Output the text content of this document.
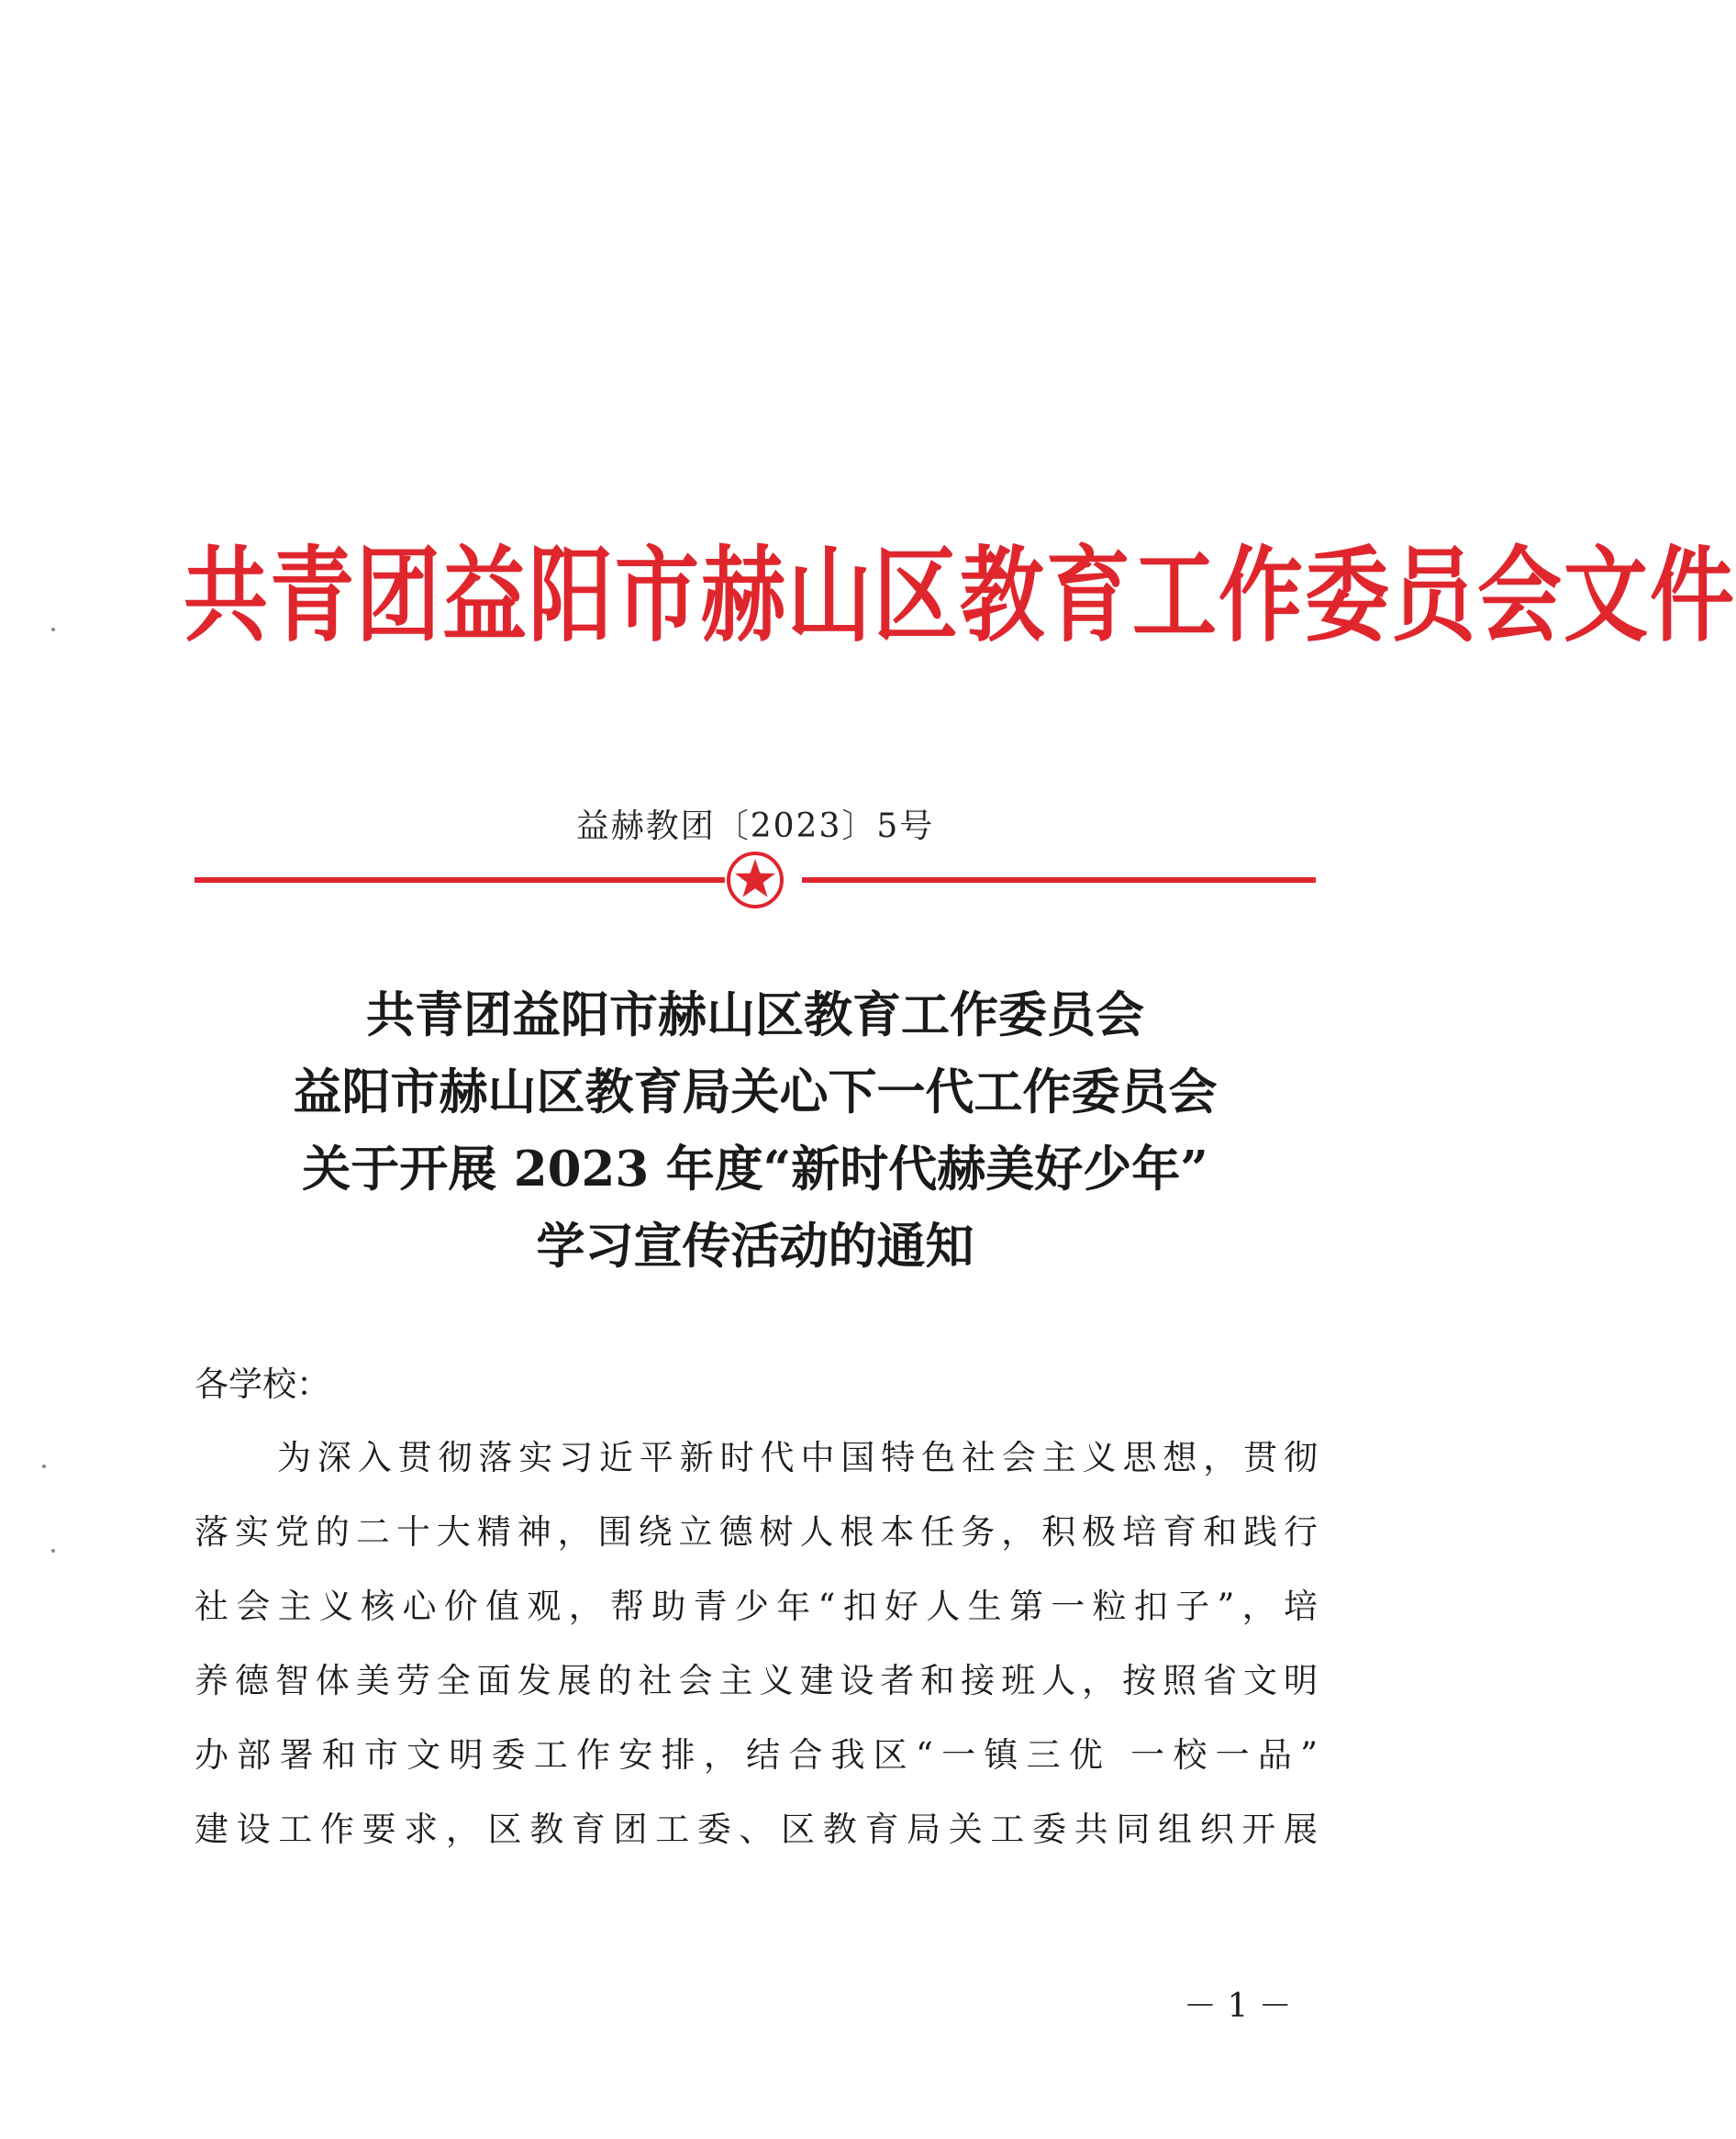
共青团益阳市赫山区教育工作委员会文件
益赫教团〔2023〕5号
共青团益阳市赫山区教育工作委员会
益阳市赫山区教育局关心下一代工作委员会
关于开展 2023 年度“新时代赫美好少年”
学习宣传活动的通知
各学校：
为深入贯彻落实习近平新时代中国特色社会主义思想，贯彻
落实党的二十大精神，围绕立德树人根本任务，积极培育和践行
社会主义核心价值观，帮助青少年“扣好人生第一粒扣子”，培
养德智体美劳全面发展的社会主义建设者和接班人，按照省文明
办部署和市文明委工作安排，结合我区“一镇三优 一校一品”
建设工作要求，区教育团工委、区教育局关工委共同组织开展
－ 1 －
